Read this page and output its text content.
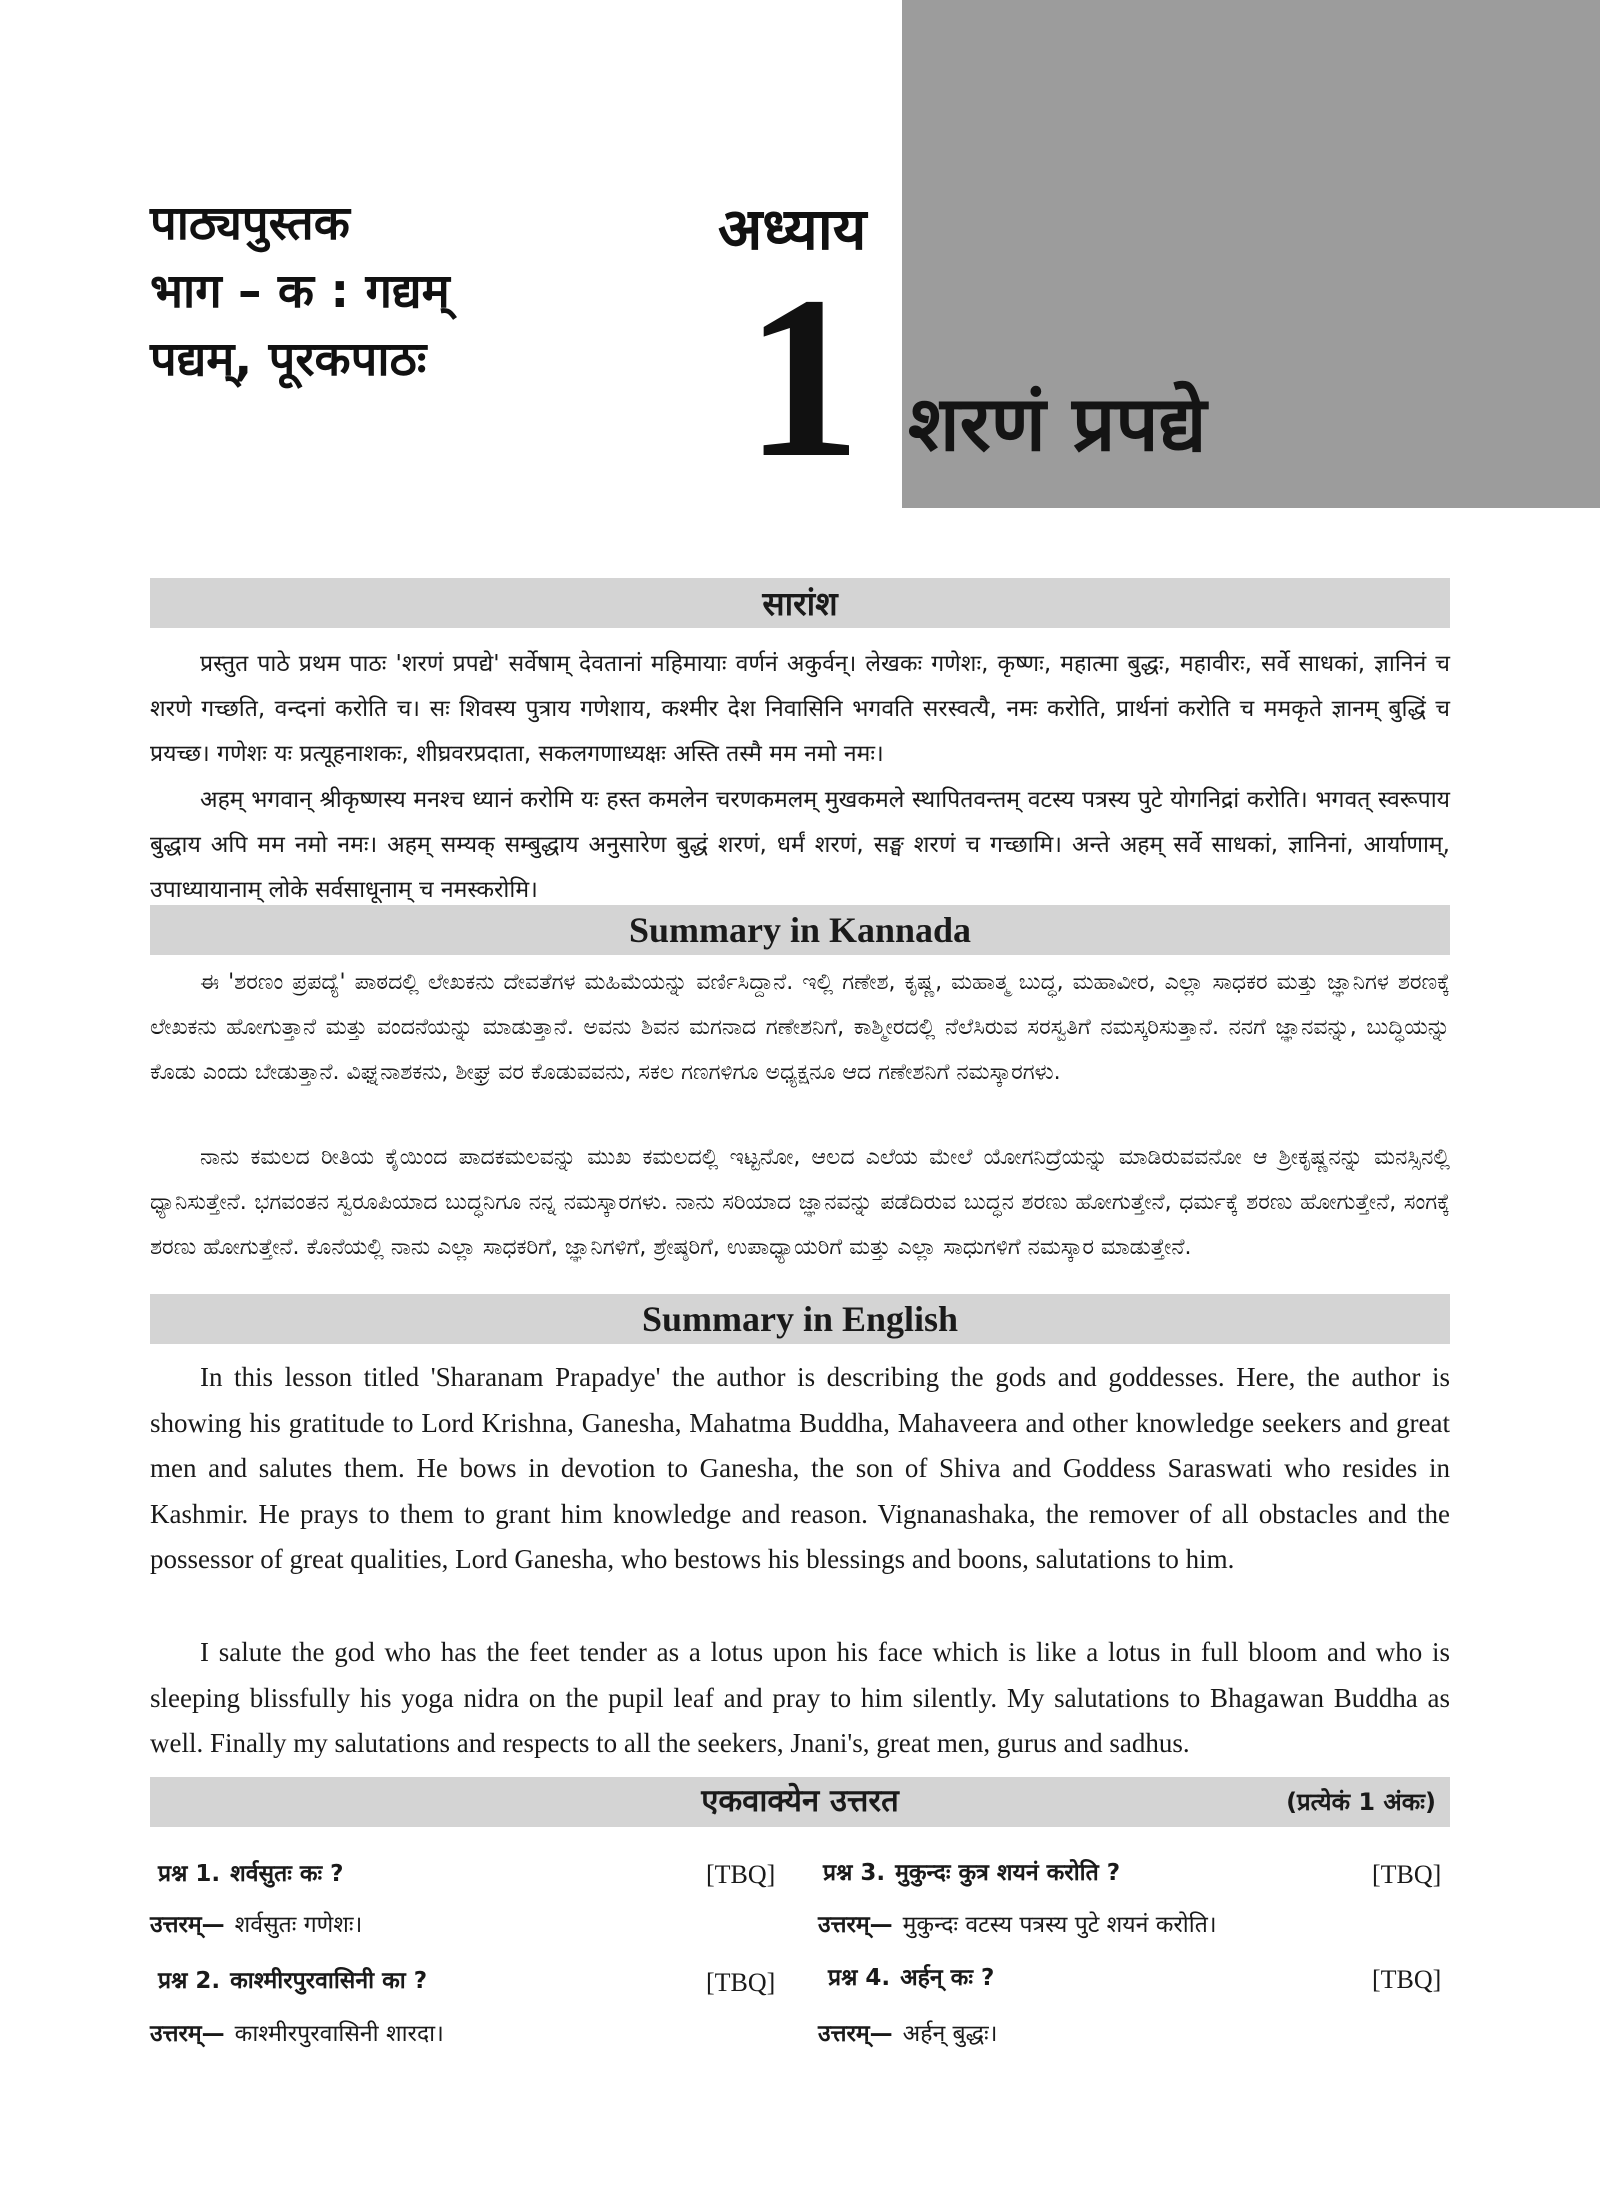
पाठ्यपुस्तक
भाग – क : गद्यम्
पद्यम्, पूरकपाठः
अध्याय
1 शरणं प्रपद्ये
सारांश
प्रस्तुत पाठे प्रथम पाठः 'शरणं प्रपद्ये' सर्वेषाम् देवतानां महिमायाः वर्णनं अकुर्वन्। लेखकः गणेशः, कृष्णः, महात्मा बुद्धः, महावीरः, सर्वे साधकां, ज्ञानिनं च शरणे गच्छति, वन्दनां करोति च। सः शिवस्य पुत्राय गणेशाय, कश्मीर देश निवासिनि भगवति सरस्वत्यै, नमः करोति, प्रार्थनां करोति च ममकृते ज्ञानम् बुद्धिं च प्रयच्छ। गणेशः यः प्रत्यूहनाशकः, शीघ्रवरप्रदाता, सकलगणाध्यक्षः अस्ति तस्मै मम नमो नमः।
अहम् भगवान् श्रीकृष्णस्य मनश्च ध्यानं करोमि यः हस्त कमलेन चरणकमलम् मुखकमले स्थापितवन्तम् वटस्य पत्रस्य पुटे योगनिद्रां करोति। भगवत् स्वरूपाय बुद्धाय अपि मम नमो नमः। अहम् सम्यक् सम्बुद्धाय अनुसारेण बुद्धं शरणं, धर्मं शरणं, सङ्घ शरणं च गच्छामि। अन्ते अहम् सर्वे साधकां, ज्ञानिनां, आर्याणाम्, उपाध्यायानाम् लोके सर्वसाधूनाम् च नमस्करोमि।
Summary in Kannada
ಈ 'ಶರಣಂ ಪ್ರಪದ್ಯೆ' ಪಾಠದಲ್ಲಿ ಲೇಖಕನು ದೇವತೆಗಳ ಮಹಿಮೆಯನ್ನು ವರ್ಣಿಸಿದ್ದಾನೆ. ಇಲ್ಲಿ ಗಣೇಶ, ಕೃಷ್ಣ, ಮಹಾತ್ಮ ಬುದ್ಧ, ಮಹಾವೀರ, ಎಲ್ಲಾ ಸಾಧಕರ ಮತ್ತು ಜ್ಞಾನಿಗಳ ಶರಣಕ್ಕೆ ಲೇಖಕನು ಹೋಗುತ್ತಾನೆ ಮತ್ತು ವಂದನೆಯನ್ನು ಮಾಡುತ್ತಾನೆ. ಅವನು ಶಿವನ ಮಗನಾದ ಗಣೇಶನಿಗೆ, ಕಾಶ್ಮೀರದಲ್ಲಿ ನೆಲೆಸಿರುವ ಸರಸ್ವತಿಗೆ ನಮಸ್ಕರಿಸುತ್ತಾನೆ. ನನಗೆ ಜ್ಞಾನವನ್ನು, ಬುದ್ಧಿಯನ್ನು ಕೊಡು ಎಂದು ಬೇಡುತ್ತಾನೆ. ವಿಘ್ನನಾಶಕನು, ಶೀಘ್ರ ವರ ಕೊಡುವವನು, ಸಕಲ ಗಣಗಳಿಗೂ ಅಧ್ಯಕ್ಷನೂ ಆದ ಗಣೇಶನಿಗೆ ನಮಸ್ಕಾರಗಳು.
ನಾನು ಕಮಲದ ರೀತಿಯ ಕೈಯಿಂದ ಪಾದಕಮಲವನ್ನು ಮುಖ ಕಮಲದಲ್ಲಿ ಇಟ್ಟನೋ, ಆಲದ ಎಲೆಯ ಮೇಲೆ ಯೋಗನಿದ್ರೆಯನ್ನು ಮಾಡಿರುವವನೋ ಆ ಶ್ರೀಕೃಷ್ಣನನ್ನು ಮನಸ್ಸಿನಲ್ಲಿ ಧ್ಯಾನಿಸುತ್ತೇನೆ. ಭಗವಂತನ ಸ್ವರೂಪಿಯಾದ ಬುದ್ಧನಿಗೂ ನನ್ನ ನಮಸ್ಕಾರಗಳು. ನಾನು ಸರಿಯಾದ ಜ್ಞಾನವನ್ನು ಪಡೆದಿರುವ ಬುದ್ಧನ ಶರಣು ಹೋಗುತ್ತೇನೆ, ಧರ್ಮಕ್ಕೆ ಶರಣು ಹೋಗುತ್ತೇನೆ, ಸಂಗಕ್ಕೆ ಶರಣು ಹೋಗುತ್ತೇನೆ. ಕೊನೆಯಲ್ಲಿ ನಾನು ಎಲ್ಲಾ ಸಾಧಕರಿಗೆ, ಜ್ಞಾನಿಗಳಿಗೆ, ಶ್ರೇಷ್ಠರಿಗೆ, ಉಪಾಧ್ಯಾಯರಿಗೆ ಮತ್ತು ಎಲ್ಲಾ ಸಾಧುಗಳಿಗೆ ನಮಸ್ಕಾರ ಮಾಡುತ್ತೇನೆ.
Summary in English
In this lesson titled 'Sharanam Prapadye' the author is describing the gods and goddesses. Here, the author is showing his gratitude to Lord Krishna, Ganesha, Mahatma Buddha, Mahaveera and other knowledge seekers and great men and salutes them. He bows in devotion to Ganesha, the son of Shiva and Goddess Saraswati who resides in Kashmir. He prays to them to grant him knowledge and reason. Vignanashaka, the remover of all obstacles and the possessor of great qualities, Lord Ganesha, who bestows his blessings and boons, salutations to him.
I salute the god who has the feet tender as a lotus upon his face which is like a lotus in full bloom and who is sleeping blissfully his yoga nidra on the pupil leaf and pray to him silently. My salutations to Bhagawan Buddha as well. Finally my salutations and respects to all the seekers, Jnani's, great men, gurus and sadhus.
एकवाक्येन उत्तरत	(प्रत्येकं 1 अंकः)
प्रश्न 1. शर्वसुतः कः ?	[TBQ]
उत्तरम्— शर्वसुतः गणेशः।
प्रश्न 2. काश्मीरपुरवासिनी का ?	[TBQ]
उत्तरम्— काश्मीरपुरवासिनी शारदा।
प्रश्न 3. मुकुन्दः कुत्र शयनं करोति ?	[TBQ]
उत्तरम्— मुकुन्दः वटस्य पत्रस्य पुटे शयनं करोति।
प्रश्न 4. अर्हन् कः ?	[TBQ]
उत्तरम्— अर्हन् बुद्धः।
